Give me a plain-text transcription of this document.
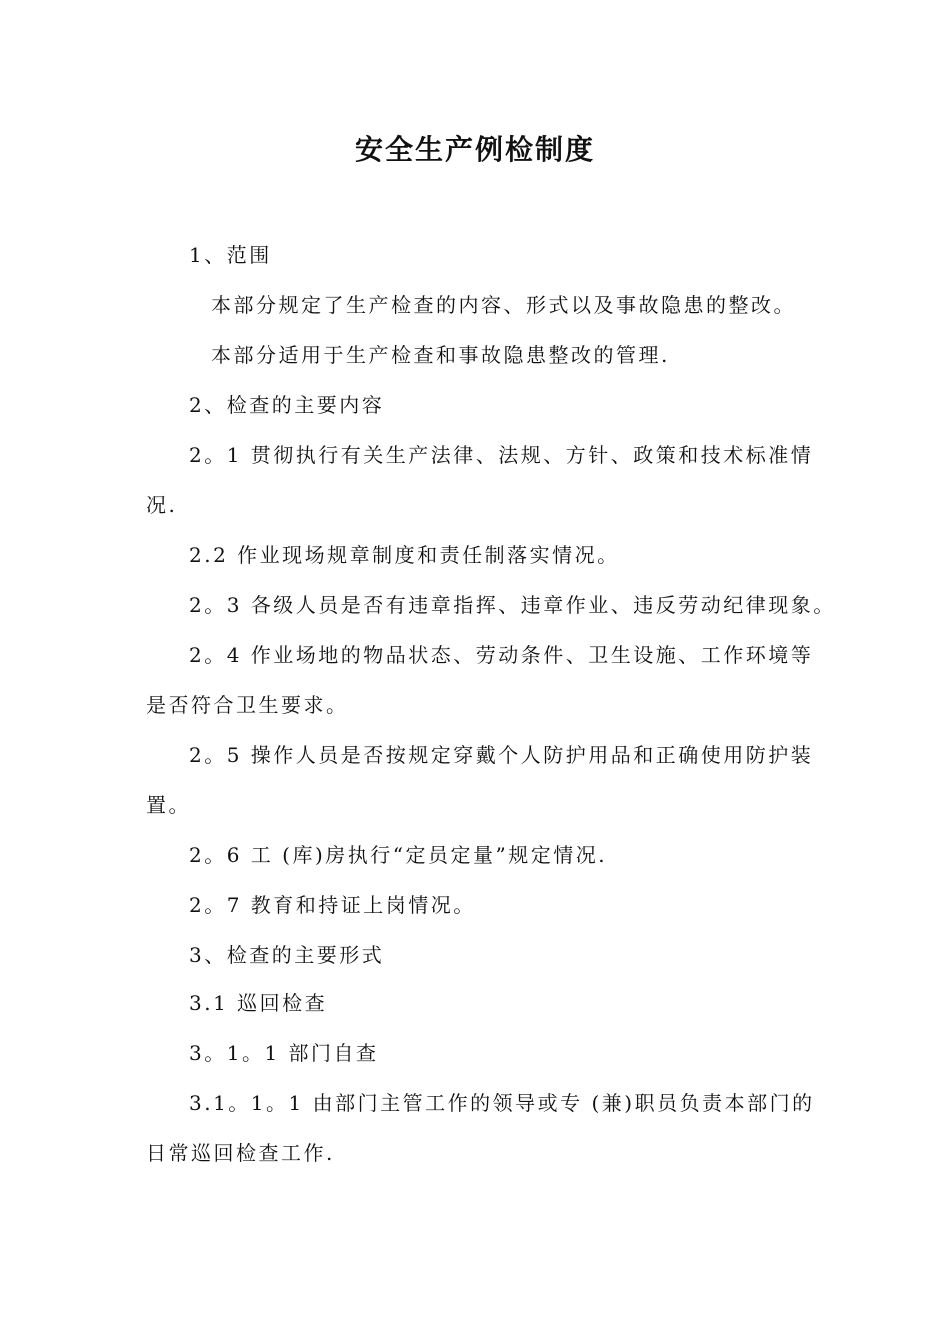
安全生产例检制度
1、范围
本部分规定了生产检查的内容、形式以及事故隐患的整改。
本部分适用于生产检查和事故隐患整改的管理.
2、检查的主要内容
2。1 贯彻执行有关生产法律、法规、方针、政策和技术标准情
况.
2.2 作业现场规章制度和责任制落实情况。
2。3 各级人员是否有违章指挥、违章作业、违反劳动纪律现象。
2。4 作业场地的物品状态、劳动条件、卫生设施、工作环境等
是否符合卫生要求。
2。5 操作人员是否按规定穿戴个人防护用品和正确使用防护装
置。
2。6 工 (库)房执行“定员定量”规定情况.
2。7 教育和持证上岗情况。
3、检查的主要形式
3.1 巡回检查
3。1。1 部门自查
3.1。1。1 由部门主管工作的领导或专 (兼)职员负责本部门的
日常巡回检查工作.
